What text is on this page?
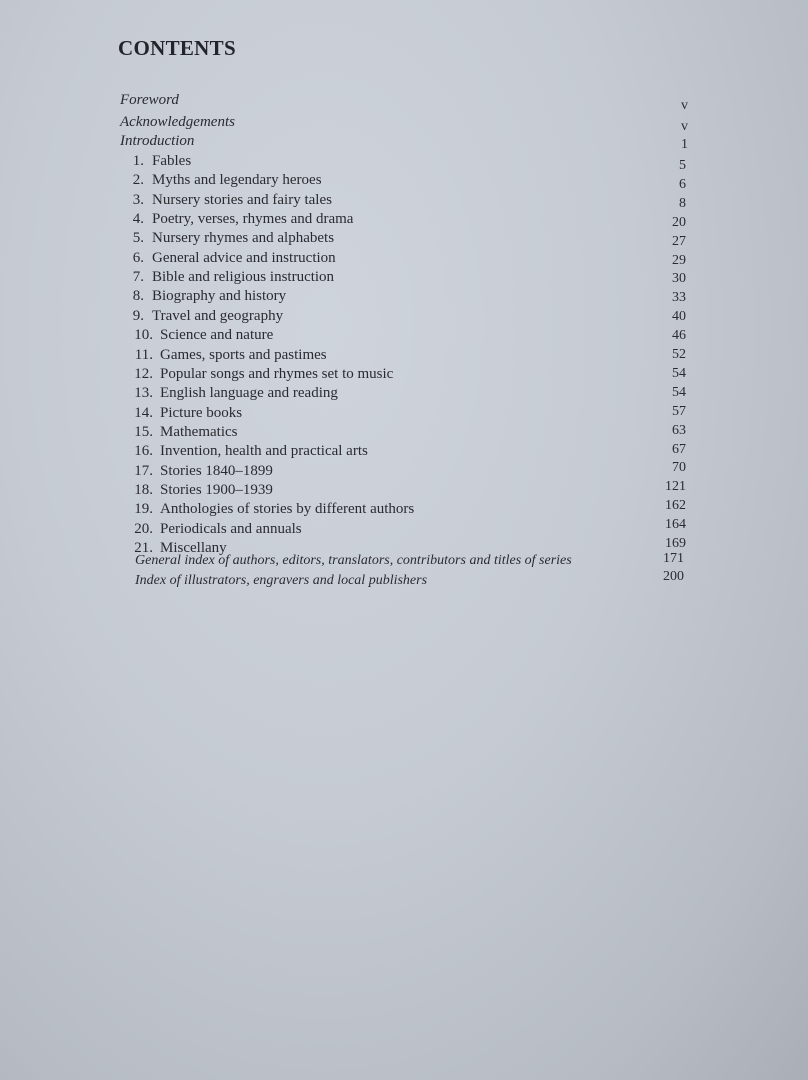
CONTENTS
Foreword	v
Acknowledgements	v
Introduction	1
1. Fables	5
2. Myths and legendary heroes	6
3. Nursery stories and fairy tales	8
4. Poetry, verses, rhymes and drama	20
5. Nursery rhymes and alphabets	27
6. General advice and instruction	29
7. Bible and religious instruction	30
8. Biography and history	33
9. Travel and geography	40
10. Science and nature	46
11. Games, sports and pastimes	52
12. Popular songs and rhymes set to music	54
13. English language and reading	54
14. Picture books	57
15. Mathematics	63
16. Invention, health and practical arts	67
17. Stories 1840–1899	70
18. Stories 1900–1939	121
19. Anthologies of stories by different authors	162
20. Periodicals and annuals	164
21. Miscellany	169
General index of authors, editors, translators, contributors and titles of series	171
Index of illustrators, engravers and local publishers	200
